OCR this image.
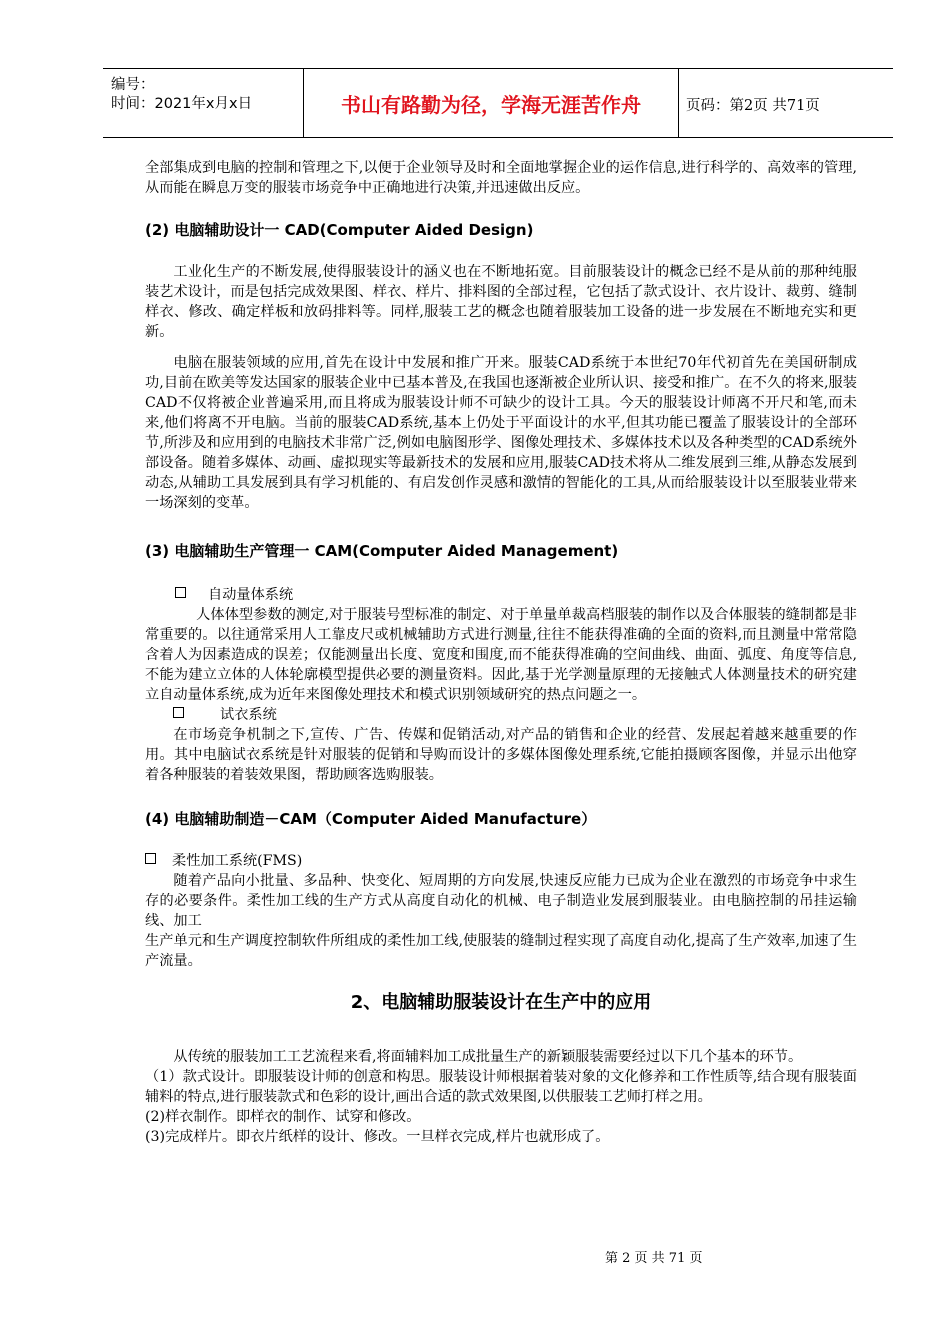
编号：
时间：2021年x月x日	书山有路勤为径，学海无涯苦作舟	页码：第2页 共71页

全部集成到电脑的控制和管理之下,以便于企业领导及时和全面地掌握企业的运作信息,进行科学的、高效率的管理,从而能在瞬息万变的服装市场竞争中正确地进行决策,并迅速做出反应。

(2) 电脑辅助设计一 CAD(Computer Aided Design)

工业化生产的不断发展,使得服装设计的涵义也在不断地拓宽。目前服装设计的概念已经不是从前的那种纯服装艺术设计，而是包括完成效果图、样衣、样片、排料图的全部过程，它包括了款式设计、衣片设计、裁剪、缝制样衣、修改、确定样板和放码排料等。同样,服装工艺的概念也随着服装加工设备的进一步发展在不断地充实和更新。

电脑在服装领域的应用,首先在设计中发展和推广开来。服装CAD系统于本世纪70年代初首先在美国研制成功,目前在欧美等发达国家的服装企业中已基本普及,在我国也逐渐被企业所认识、接受和推广。在不久的将来,服装CAD不仅将被企业普遍采用,而且将成为服装设计师不可缺少的设计工具。今天的服装设计师离不开尺和笔,而未来,他们将离不开电脑。当前的服装CAD系统,基本上仍处于平面设计的水平,但其功能已覆盖了服装设计的全部环节,所涉及和应用到的电脑技术非常广泛,例如电脑图形学、图像处理技术、多媒体技术以及各种类型的CAD系统外部设备。随着多媒体、动画、虚拟现实等最新技术的发展和应用,服装CAD技术将从二维发展到三维,从静态发展到动态,从辅助工具发展到具有学习机能的、有启发创作灵感和激情的智能化的工具,从而给服装设计以至服装业带来一场深刻的变革。

(3) 电脑辅助生产管理一 CAM(Computer Aided Management)

自动量体系统

人体体型参数的测定,对于服装号型标准的制定、对于单量单裁高档服装的制作以及合体服装的缝制都是非常重要的。以往通常采用人工靠皮尺或机械辅助方式进行测量,往往不能获得准确的全面的资料,而且测量中常常隐含着人为因素造成的误差；仅能测量出长度、宽度和围度,而不能获得准确的空间曲线、曲面、弧度、角度等信息,不能为建立立体的人体轮廓模型提供必要的测量资料。因此,基于光学测量原理的无接触式人体测量技术的研究建立自动量体系统,成为近年来图像处理技术和模式识别领域研究的热点问题之一。

试衣系统

在市场竞争机制之下,宣传、广告、传媒和促销活动,对产品的销售和企业的经营、发展起着越来越重要的作用。其中电脑试衣系统是针对服装的促销和导购而设计的多媒体图像处理系统,它能拍摄顾客图像，并显示出他穿着各种服装的着装效果图，帮助顾客选购服装。

(4) 电脑辅助制造－CAM（Computer Aided Manufacture）

柔性加工系统(FMS)

随着产品向小批量、多品种、快变化、短周期的方向发展,快速反应能力已成为企业在激烈的市场竞争中求生存的必要条件。柔性加工线的生产方式从高度自动化的机械、电子制造业发展到服装业。由电脑控制的吊挂运输线、加工

生产单元和生产调度控制软件所组成的柔性加工线,使服装的缝制过程实现了高度自动化,提高了生产效率,加速了生产流量。

2、电脑辅助服装设计在生产中的应用

从传统的服装加工工艺流程来看,将面辅料加工成批量生产的新颖服装需要经过以下几个基本的环节。

（1）款式设计。即服装设计师的创意和构思。服装设计师根据着装对象的文化修养和工作性质等,结合现有服装面辅料的特点,进行服装款式和色彩的设计,画出合适的款式效果图,以供服装工艺师打样之用。

(2)样衣制作。即样衣的制作、试穿和修改。

(3)完成样片。即衣片纸样的设计、修改。一旦样衣完成,样片也就形成了。

第 2 页 共 71 页
